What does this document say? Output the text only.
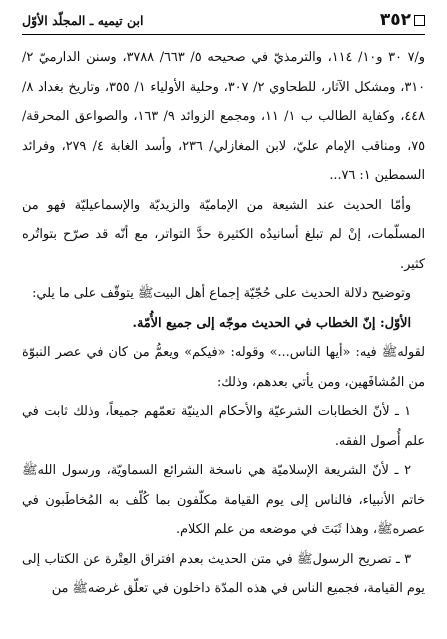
٣٥٢
ابن تيميه ـ المجلّد الأوّل

و/٧ ٣٠ و١٠/ ١١٤، والترمذيّ في صحيحه ٥/ ٦٦٣/ ٣٧٨٨، وسنن الدارميّ ٢/ ٣١٠، ومشكل الآثار، للطحاوي ٢/ ٣٠٧، وحلية الأولياء ١/ ٣٥٥، وتاريخ بغداد ٨/ ٤٤٨، وكفاية الطالب ب ١/ ١١، ومجمع الزوائد ٩/ ١٦٣، والصواعق المحرقة/ ٧٥، ومناقب الإمام عليّ، لابن المغازلي/ ٢٣٦، وأسد الغابة ٤/ ٢٧٩، وفرائد السمطين ١: ٧٦...

وأمّا الحديث عند الشيعة من الإماميّة والزيديّة والإسماعيليّة فهو من المسلّمات، إنْ لم تبلغ أسانيدُه الكثيرة حدَّ التواتر، مع أنّه قد صرّح بتواتُره كثير.

وتوضيح دلالة الحديث على حُجّيّة إجماع أهل البيتﷺ يتوقّف على ما يلي:

الأوّل: إنّ الخطاب في الحديث موجّه إلى جميع الأُمّة.

لقولهﷺ فيه: «أيها الناس...» وقوله: «فيكم» ويعمُّ من كان في عصر النبوّة من المُشافَهين، ومن يأتي بعدهم، وذلك:

١ ـ لأنّ الخطابات الشرعيّة والأحكام الدينيّة تعمّهم جميعاً، وذلك ثابت في علم أُصول الفقه.

٢ ـ لأنّ الشريعة الإسلاميّة هي ناسخة الشرائع السماويّة، ورسول اللهﷺ خاتم الأنبياء، فالناس إلى يوم القيامة مكلّفون بما كُلّف به المُخاطَبون في عصرهﷺ، وهذا ثَبَتَ في موضعه من علم الكلام.

٣ ـ تصريح الرسولﷺ في متن الحديث بعدم افتراق العِتْرة عن الكتاب إلى يوم القيامة، فجميع الناس في هذه المدّة داخلون في تعلّق غرضهﷺ من
